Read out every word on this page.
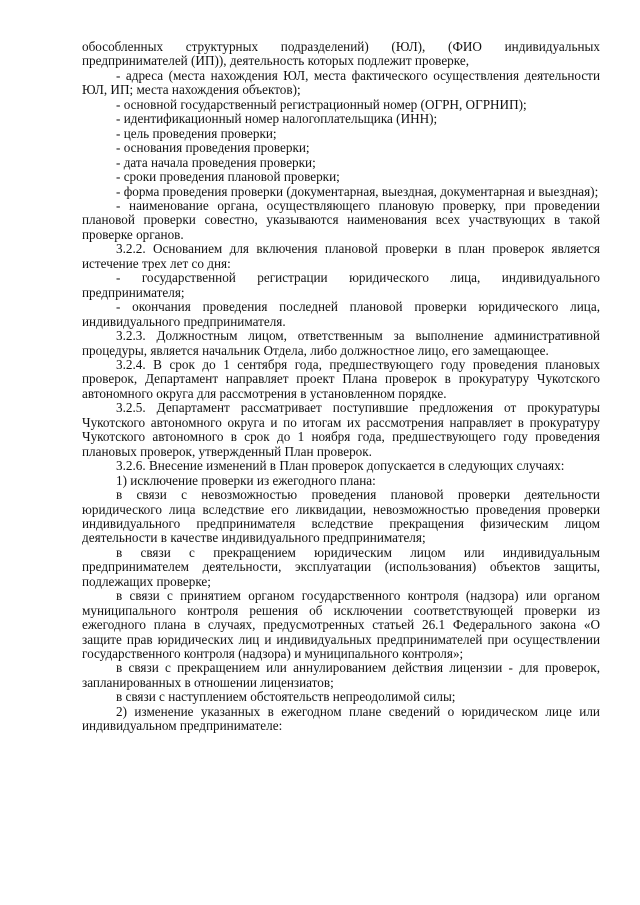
обособленных структурных подразделений) (ЮЛ), (ФИО индивидуальных предпринимателей (ИП)), деятельность которых подлежит проверке,

- адреса (места нахождения ЮЛ, места фактического осуществления деятельности ЮЛ, ИП; места нахождения объектов);

- основной государственный регистрационный номер (ОГРН, ОГРНИП);

- идентификационный номер налогоплательщика (ИНН);

- цель проведения проверки;

- основания проведения проверки;

- дата начала проведения проверки;

- сроки проведения плановой проверки;

- форма проведения проверки (документарная, выездная, документарная и выездная);

- наименование органа, осуществляющего плановую проверку, при проведении плановой проверки совестно, указываются наименования всех участвующих в такой проверке органов.

3.2.2. Основанием для включения плановой проверки в план проверок является истечение трех лет со дня:

- государственной регистрации юридического лица, индивидуального предпринимателя;

- окончания проведения последней плановой проверки юридического лица, индивидуального предпринимателя.

3.2.3. Должностным лицом, ответственным за выполнение административной процедуры, является начальник Отдела, либо должностное лицо, его замещающее.

3.2.4. В срок до 1 сентября года, предшествующего году проведения плановых проверок, Департамент направляет проект Плана проверок в прокуратуру Чукотского автономного округа для рассмотрения в установленном порядке.

3.2.5. Департамент рассматривает поступившие предложения от прокуратуры Чукотского автономного округа и по итогам их рассмотрения направляет в прокуратуру Чукотского автономного в срок до 1 ноября года, предшествующего году проведения плановых проверок, утвержденный План проверок.

3.2.6. Внесение изменений в План проверок допускается в следующих случаях:

1) исключение проверки из ежегодного плана:

в связи с невозможностью проведения плановой проверки деятельности юридического лица вследствие его ликвидации, невозможностью проведения проверки индивидуального предпринимателя вследствие прекращения физическим лицом деятельности в качестве индивидуального предпринимателя;

в связи с прекращением юридическим лицом или индивидуальным предпринимателем деятельности, эксплуатации (использования) объектов защиты, подлежащих проверке;

в связи с принятием органом государственного контроля (надзора) или органом муниципального контроля решения об исключении соответствующей проверки из ежегодного плана в случаях, предусмотренных статьей 26.1 Федерального закона «О защите прав юридических лиц и индивидуальных предпринимателей при осуществлении государственного контроля (надзора) и муниципального контроля»;

в связи с прекращением или аннулированием действия лицензии - для проверок, запланированных в отношении лицензиатов;

в связи с наступлением обстоятельств непреодолимой силы;

2) изменение указанных в ежегодном плане сведений о юридическом лице или индивидуальном предпринимателе:
